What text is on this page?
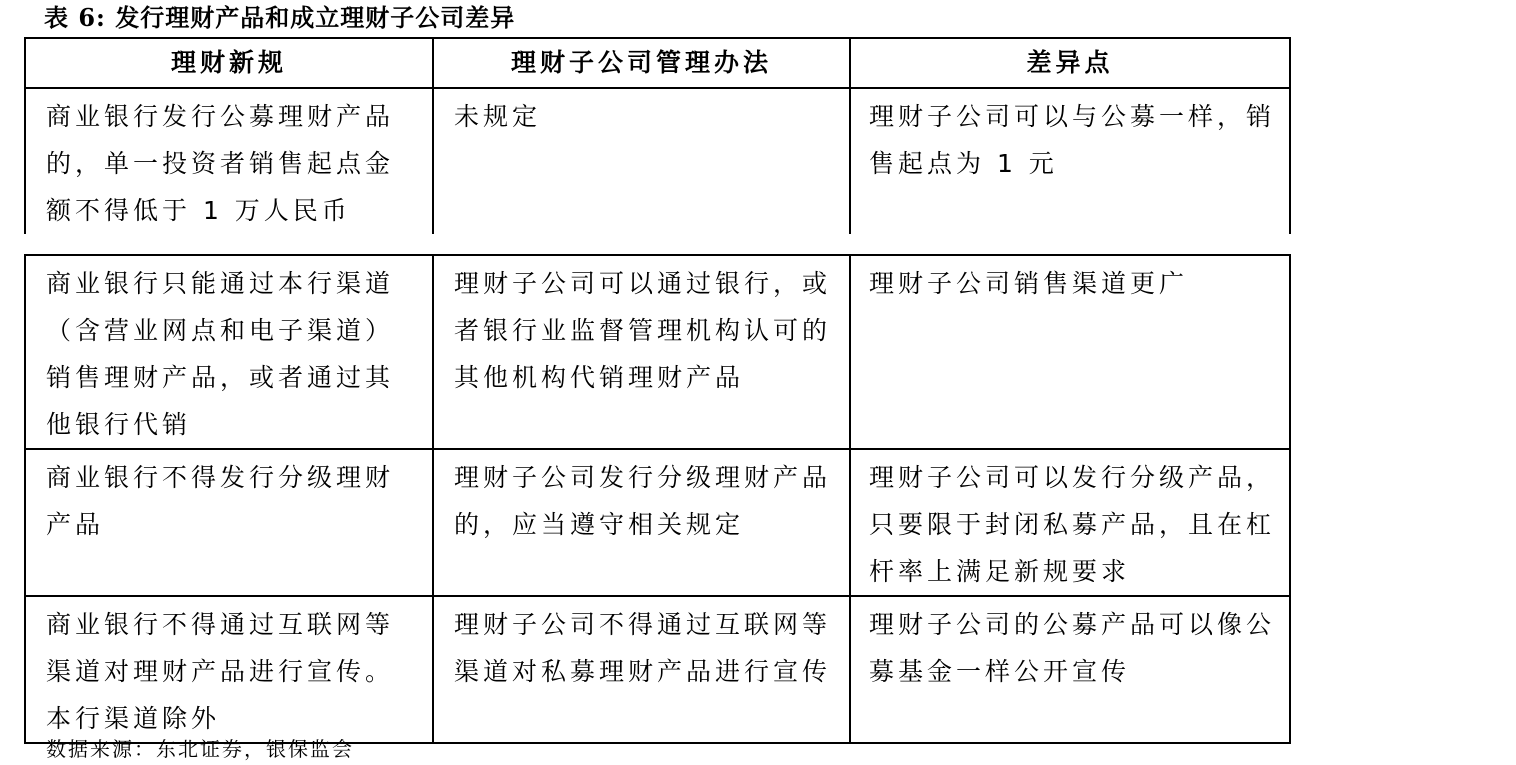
表 6: 发行理财产品和成立理财子公司差异
理财新规	理财子公司管理办法	差异点
商业银行发行公募理财产品的，单一投资者销售起点金额不得低于 1 万人民币	未规定	理财子公司可以与公募一样，销售起点为 1 元
商业银行只能通过本行渠道（含营业网点和电子渠道）销售理财产品，或者通过其他银行代销	理财子公司可以通过银行，或者银行业监督管理机构认可的其他机构代销理财产品	理财子公司销售渠道更广
商业银行不得发行分级理财产品	理财子公司发行分级理财产品的，应当遵守相关规定	理财子公司可以发行分级产品，只要限于封闭私募产品，且在杠杆率上满足新规要求
商业银行不得通过互联网等渠道对理财产品进行宣传。本行渠道除外	理财子公司不得通过互联网等渠道对私募理财产品进行宣传	理财子公司的公募产品可以像公募基金一样公开宣传
数据来源：东北证券，银保监会
